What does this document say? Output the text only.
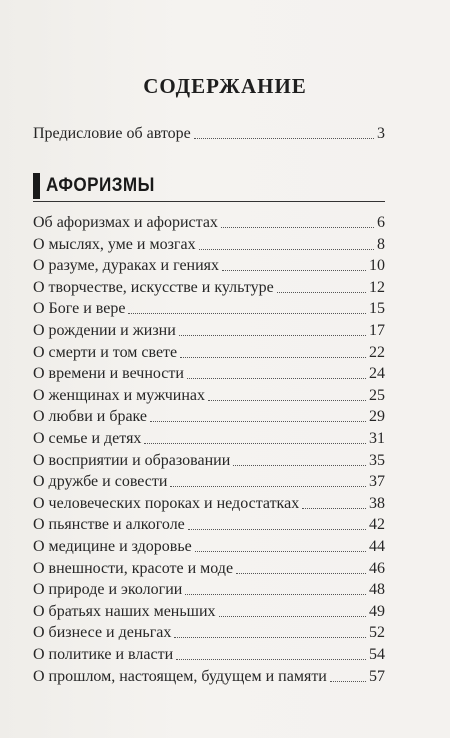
СОДЕРЖАНИЕ
Предисловие об авторе	3
АФОРИЗМЫ
Об афоризмах и афористах	6
О мыслях, уме и мозгах	8
О разуме, дураках и гениях	10
О творчестве, искусстве и культуре	12
О Боге и вере	15
О рождении и жизни	17
О смерти и том свете	22
О времени и вечности	24
О женщинах и мужчинах	25
О любви и браке	29
О семье и детях	31
О восприятии и образовании	35
О дружбе и совести	37
О человеческих пороках и недостатках	38
О пьянстве и алкоголе	42
О медицине и здоровье	44
О внешности, красоте и моде	46
О природе и экологии	48
О братьях наших меньших	49
О бизнесе и деньгах	52
О политике и власти	54
О прошлом, настоящем, будущем и памяти	57
